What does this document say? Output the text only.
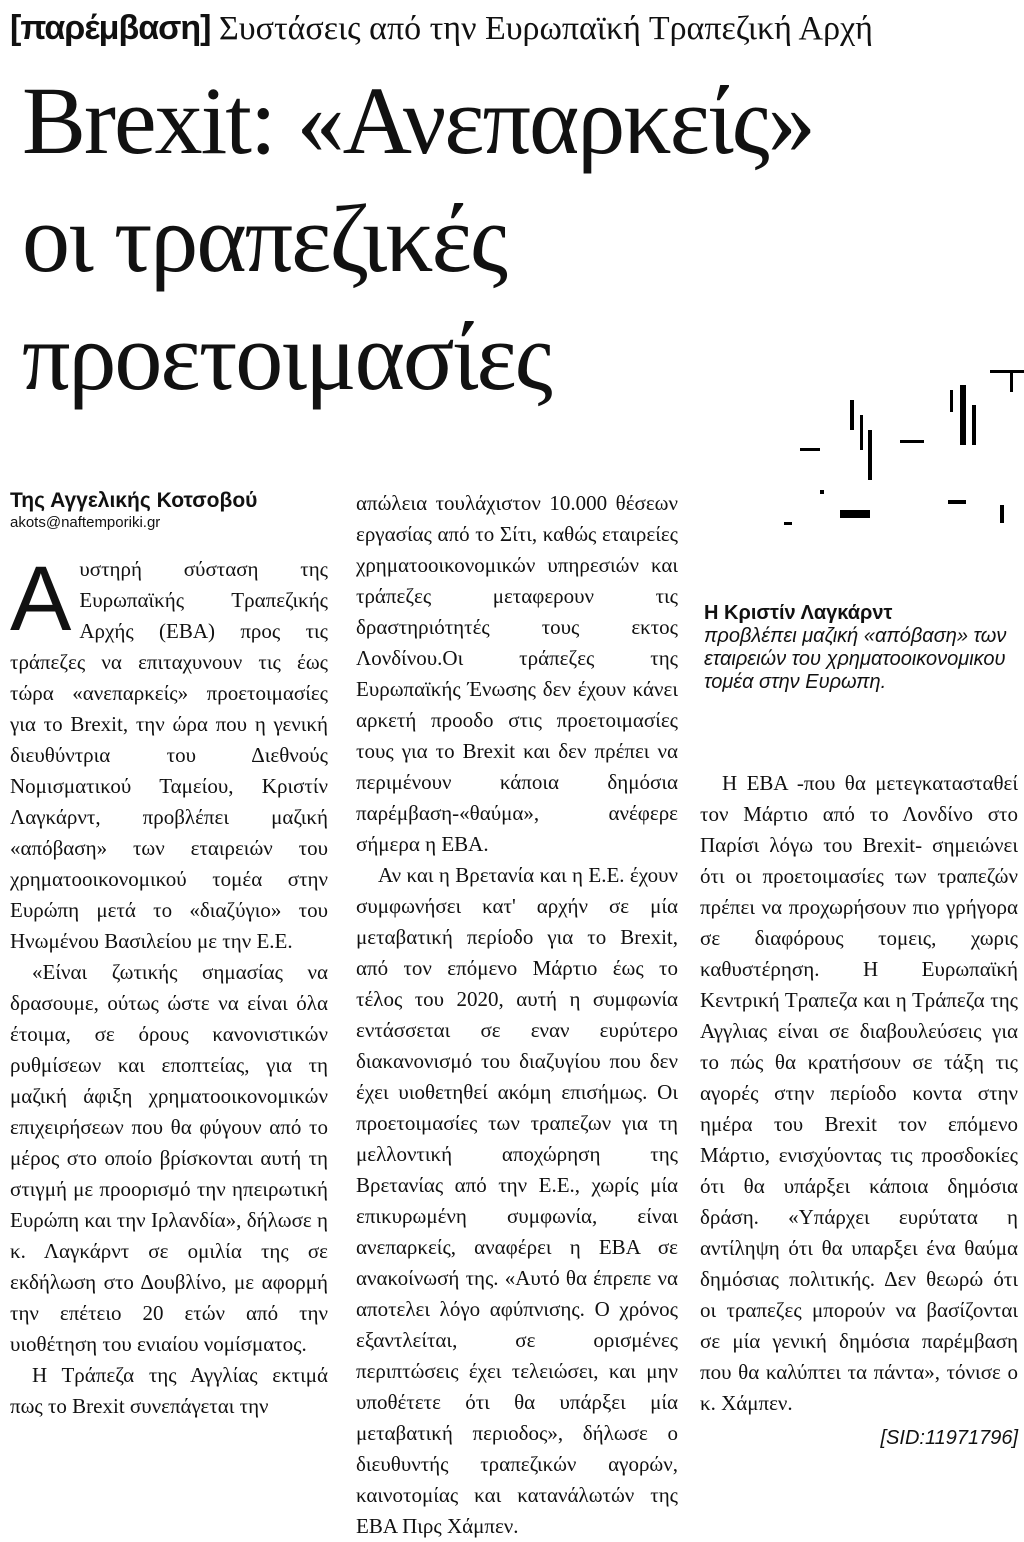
[παρέμβαση] Συστάσεις από την Ευρωπαϊκή Τραπεζική Αρχή
Brexit: «Ανεπαρκείς»
οι τραπεζικές
προετοιμασίες
Η Κριστίν Λαγκάρντ
προβλέπει μαζική «απόβαση» των εταιρειών του χρηματοοικονομικου τομέα στην Ευρωπη.

Της Αγγελικής Κοτσοβού

akots@naftemporiki.gr

Αυστηρή σύσταση της Ευρωπαϊκής Τραπεζικής Αρχής (ΕΒΑ) προς τις τράπεζες να επιταχυνουν τις έως τώρα «ανεπαρκείς» προετοιμασίες για το Brexit, την ώρα που η γενική διευθύντρια του Διεθνούς Νομισματικού Ταμείου, Κριστίν Λαγκάρντ, προβλέπει μαζική «απόβαση» των εταιρειών του χρηματοοικονομικού τομέα στην Ευρώπη μετά το «διαζύγιο» του Ηνωμένου Βασιλείου με την Ε.Ε.

«Είναι ζωτικής σημασίας να δρασουμε, ούτως ώστε να είναι όλα έτοιμα, σε όρους κανονιστικών ρυθμίσεων και εποπτείας, για τη μαζική άφιξη χρηματοοικονομικών επιχειρήσεων που θα φύγουν από το μέρος στο οποίο βρίσκονται αυτή τη στιγμή με προορισμό την ηπειρωτική Ευρώπη και την Ιρλανδία», δήλωσε η κ. Λαγκάρντ σε ομιλία της σε εκδήλωση στο Δουβλίνο, με αφορμή την επέτειο 20 ετών από την υιοθέτηση του ενιαίου νομίσματος.

Η Τράπεζα της Αγγλίας εκτιμά πως το Brexit συνεπάγεται την

απώλεια τουλάχιστον 10.000 θέσεων εργασίας από το Σίτι, καθώς εταιρείες χρηματοοικονομικών υπηρεσιών και τράπεζες μεταφερουν τις δραστηριότητές τους εκτος Λονδίνου.Οι τράπεζες της Ευρωπαϊκής Ένωσης δεν έχουν κάνει αρκετή προοδο στις προετοιμασίες τους για το Brexit και δεν πρέπει να περιμένουν κάποια δημόσια παρέμβαση-«θαύμα», ανέφερε σήμερα η ΕΒΑ.

Αν και η Βρετανία και η Ε.Ε. έχουν συμφωνήσει κατ' αρχήν σε μία μεταβατική περίοδο για το Brexit, από τον επόμενο Μάρτιο έως το τέλος του 2020, αυτή η συμφωνία εντάσσεται σε εναν ευρύτερο διακανονισμό του διαζυγίου που δεν έχει υιοθετηθεί ακόμη επισήμως. Οι προετοιμασίες των τραπεζων για τη μελλοντική αποχώρηση της Βρετανίας από την Ε.Ε., χωρίς μία επικυρωμένη συμφωνία, είναι ανεπαρκείς, αναφέρει η ΕΒΑ σε ανακοίνωσή της. «Αυτό θα έπρεπε να αποτελει λόγο αφύπνισης. Ο χρόνος εξαντλείται, σε ορισμένες περιπτώσεις έχει τελειώσει, και μην υποθέτετε ότι θα υπάρξει μία μεταβατική περιοδος», δήλωσε ο διευθυντής τραπεζικών αγορών, καινοτομίας και κατανάλωτών της ΕΒΑ Πιρς Χάμπεν.

Η ΕΒΑ -που θα μετεγκατασταθεί τον Μάρτιο από το Λονδίνο στο Παρίσι λόγω του Brexit- σημειώνει ότι οι προετοιμασίες των τραπεζών πρέπει να προχωρήσουν πιο γρήγορα σε διαφόρους τομεις, χωρις καθυστέρηση. Η Ευρωπαϊκή Κεντρική Τραπεζα και η Τράπεζα της Αγγλιας είναι σε διαβουλεύσεις για το πώς θα κρατήσουν σε τάξη τις αγορές στην περίοδο κοντα στην ημέρα του Brexit τον επόμενο Μάρτιο, ενισχύοντας τις προσδοκίες ότι θα υπάρξει κάποια δημόσια δράση. «Υπάρχει ευρύτατα η αντίληψη ότι θα υπαρξει ένα θαύμα δημόσιας πολιτικής. Δεν θεωρώ ότι οι τραπεζες μπορούν να βασίζονται σε μία γενική δημόσια παρέμβαση που θα καλύπτει τα πάντα», τόνισε ο κ. Χάμπεν.

[SID:11971796]
